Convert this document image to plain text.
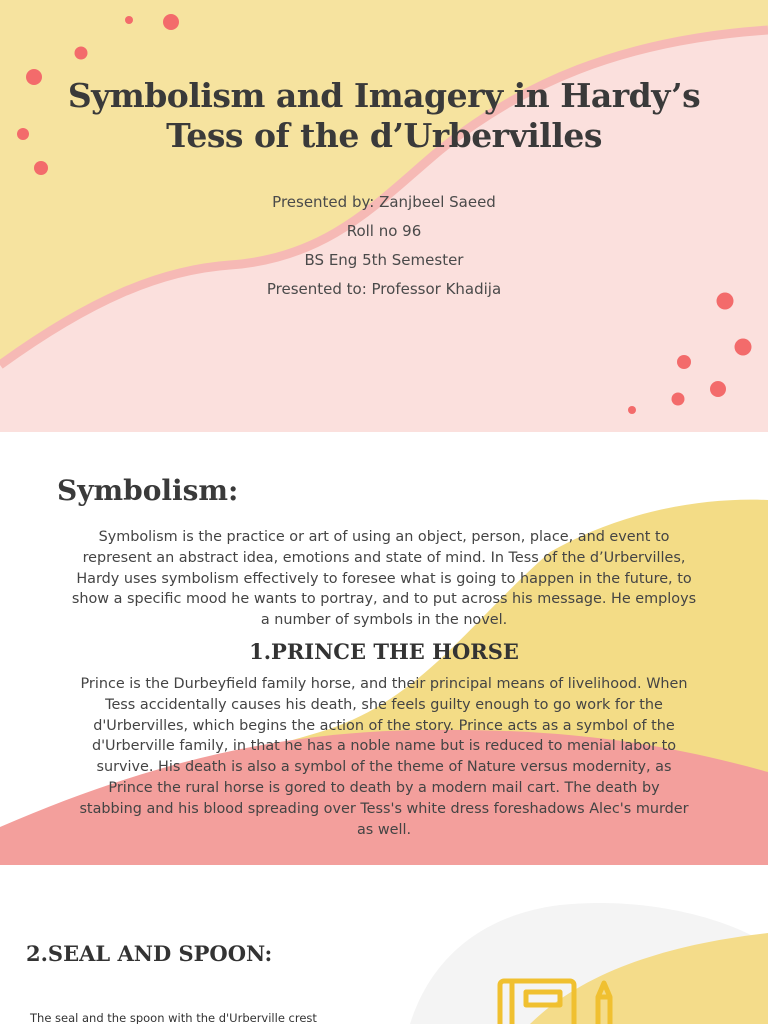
Symbolism and Imagery in Hardy’s
Tess of the d’Urbervilles
Presented by: Zanjbeel Saeed
Roll no 96
BS Eng 5th Semester
Presented to: Professor Khadija
Symbolism:
Symbolism is the practice or art of using an object, person, place, and event to
represent an abstract idea, emotions and state of mind. In Tess of the d’Urbervilles,
Hardy uses symbolism effectively to foresee what is going to happen in the future, to
show a specific mood he wants to portray, and to put across his message. He employs
a number of symbols in the novel.
1.PRINCE THE HORSE
Prince is the Durbeyfield family horse, and their principal means of livelihood. When
Tess accidentally causes his death, she feels guilty enough to go work for the
d'Urbervilles, which begins the action of the story. Prince acts as a symbol of the
d'Urberville family, in that he has a noble name but is reduced to menial labor to
survive. His death is also a symbol of the theme of Nature versus modernity, as
Prince the rural horse is gored to death by a modern mail cart. The death by
stabbing and his blood spreading over Tess's white dress foreshadows Alec's murder
as well.
2.SEAL AND SPOON:
The seal and the spoon with the d'Urberville crest
